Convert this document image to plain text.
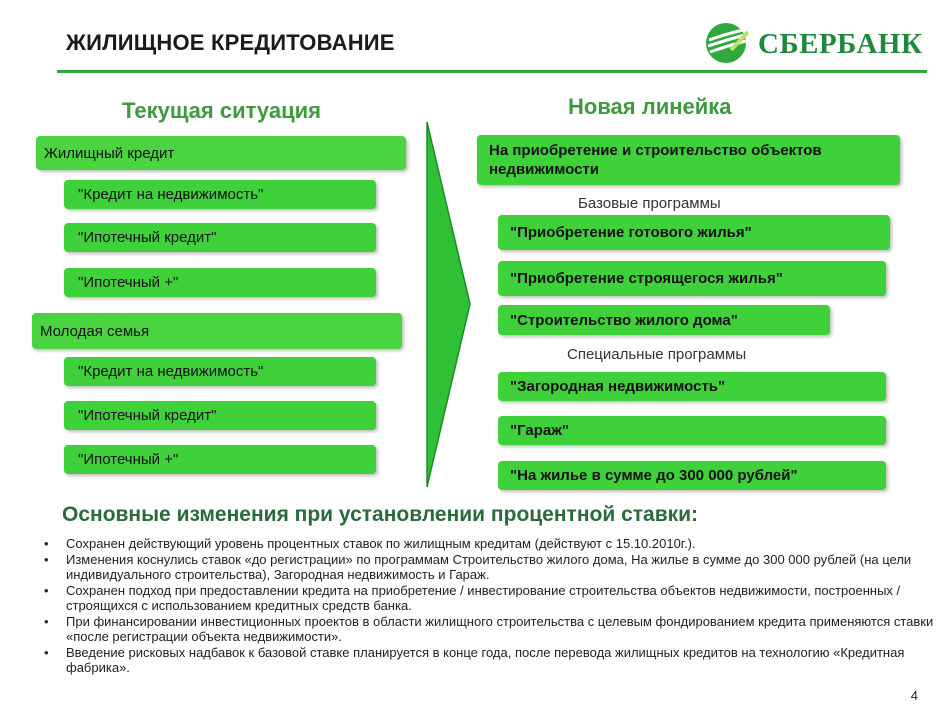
ЖИЛИЩНОЕ КРЕДИТОВАНИЕ	СБЕРБАНК
Текущая ситуация
Жилищный кредит
"Кредит на недвижимость"
"Ипотечный кредит"
"Ипотечный +"
Молодая семья
"Кредит на недвижимость"
"Ипотечный кредит"
"Ипотечный +"
Новая линейка
На приобретение и строительство объектов недвижимости
Базовые программы
"Приобретение готового жилья"
"Приобретение строящегося жилья"
"Строительство жилого дома"
Специальные программы
"Загородная недвижимость"
"Гараж"
"На жилье в сумме до 300 000 рублей"
Основные изменения при установлении процентной ставки:
• Сохранен действующий уровень процентных ставок по жилищным кредитам (действуют с 15.10.2010г.).
• Изменения коснулись ставок «до регистрации» по программам Строительство жилого дома, На жилье в сумме до 300 000 рублей (на цели индивидуального строительства), Загородная недвижимость и Гараж.
• Сохранен подход при предоставлении кредита на приобретение / инвестирование строительства объектов недвижимости, построенных / строящихся с использованием кредитных средств банка.
• При финансировании инвестиционных проектов в области жилищного строительства с целевым фондированием кредита применяются ставки «после регистрации объекта недвижимости».
• Введение рисковых надбавок к базовой ставке планируется в конце года, после перевода жилищных кредитов на технологию «Кредитная фабрика».
4
